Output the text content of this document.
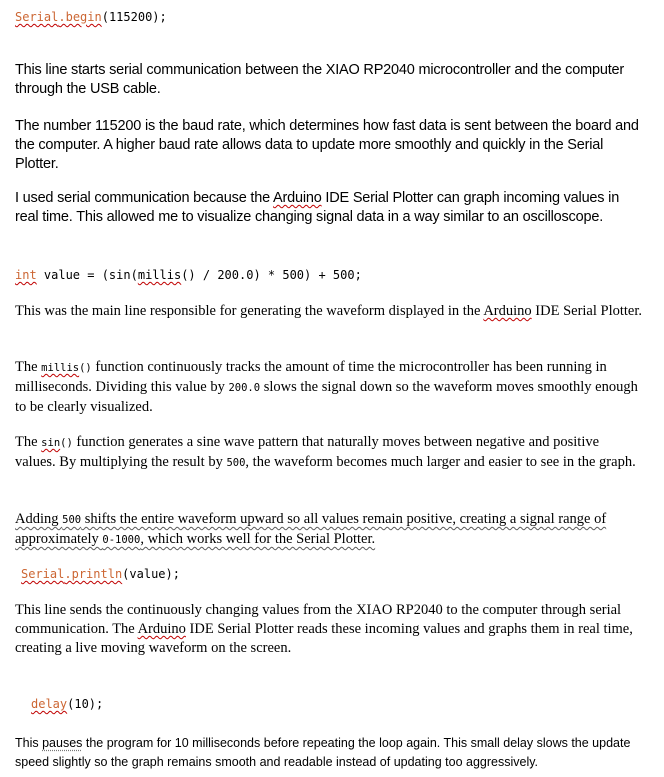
Serial.begin(115200);

This line starts serial communication between the XIAO RP2040 microcontroller and the computer through the USB cable.

The number 115200 is the baud rate, which determines how fast data is sent between the board and the computer. A higher baud rate allows data to update more smoothly and quickly in the Serial Plotter.

I used serial communication because the Arduino IDE Serial Plotter can graph incoming values in real time. This allowed me to visualize changing signal data in a way similar to an oscilloscope.

int value = (sin(millis() / 200.0) * 500) + 500;

This was the main line responsible for generating the waveform displayed in the Arduino IDE Serial Plotter.

The millis() function continuously tracks the amount of time the microcontroller has been running in milliseconds. Dividing this value by 200.0 slows the signal down so the waveform moves smoothly enough to be clearly visualized.

The sin() function generates a sine wave pattern that naturally moves between negative and positive values. By multiplying the result by 500, the waveform becomes much larger and easier to see in the graph.

Adding 500 shifts the entire waveform upward so all values remain positive, creating a signal range of approximately 0-1000, which works well for the Serial Plotter.

Serial.println(value);

This line sends the continuously changing values from the XIAO RP2040 to the computer through serial communication. The Arduino IDE Serial Plotter reads these incoming values and graphs them in real time, creating a live moving waveform on the screen.

delay(10);

This pauses the program for 10 milliseconds before repeating the loop again. This small delay slows the update speed slightly so the graph remains smooth and readable instead of updating too aggressively.
